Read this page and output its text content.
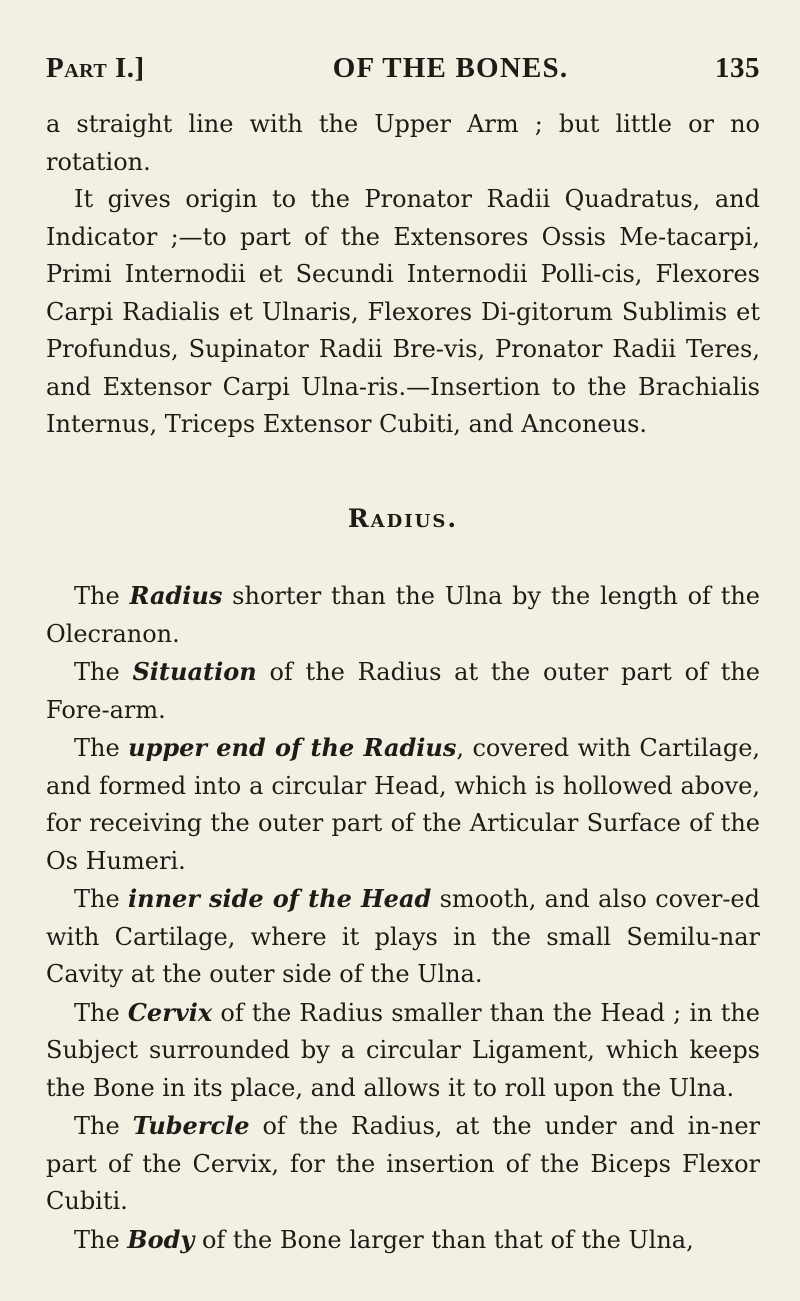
Part I.]	OF THE BONES.	135

a straight line with the Upper Arm ; but little or no rotation.

It gives origin to the Pronator Radii Quadratus, and Indicator ;—to part of the Extensores Ossis Me-tacarpi, Primi Internodii et Secundi Internodii Polli-cis, Flexores Carpi Radialis et Ulnaris, Flexores Di-gitorum Sublimis et Profundus, Supinator Radii Bre-vis, Pronator Radii Teres, and Extensor Carpi Ulna-ris.—Insertion to the Brachialis Internus, Triceps Extensor Cubiti, and Anconeus.

Radius.

The Radius shorter than the Ulna by the length of the Olecranon.

The Situation of the Radius at the outer part of the Fore-arm.

The upper end of the Radius, covered with Cartilage, and formed into a circular Head, which is hollowed above, for receiving the outer part of the Articular Surface of the Os Humeri.

The inner side of the Head smooth, and also cover-ed with Cartilage, where it plays in the small Semilu-nar Cavity at the outer side of the Ulna.

The Cervix of the Radius smaller than the Head ; in the Subject surrounded by a circular Ligament, which keeps the Bone in its place, and allows it to roll upon the Ulna.

The Tubercle of the Radius, at the under and in-ner part of the Cervix, for the insertion of the Biceps Flexor Cubiti.

The Body of the Bone larger than that of the Ulna,
